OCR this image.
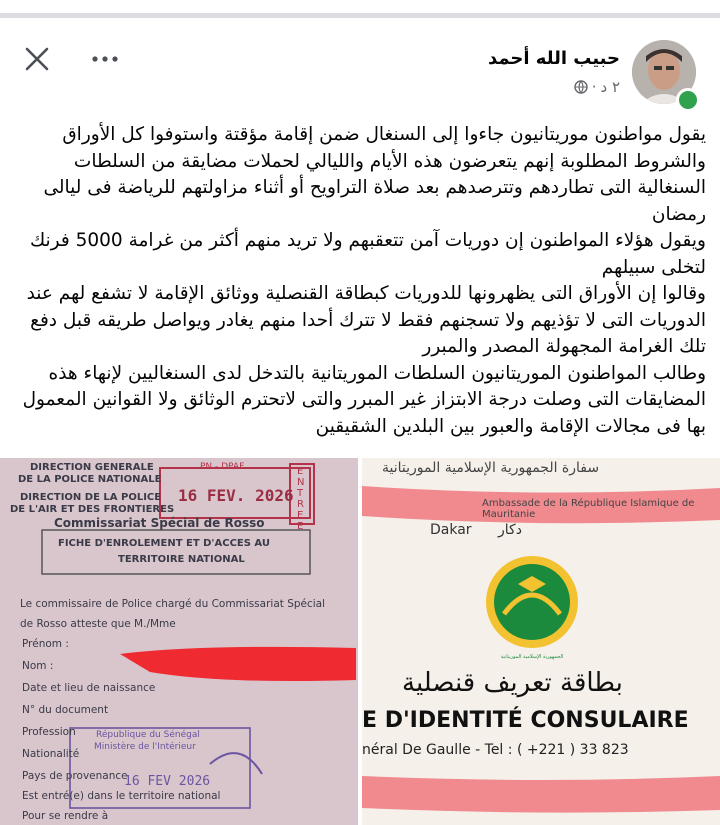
حبيب الله أحمد
٢ د
·

يقول مواطنون موريتانيون جاءوا إلى السنغال ضمن إقامة مؤقتة واستوفوا كل الأوراق والشروط المطلوبة إنهم يتعرضون هذه الأيام والليالي لحملات مضايقة من السلطات السنغالية التى تطاردهم وتترصدهم بعد صلاة التراويح أو أثناء مزاولتهم للرياضة فى ليالى رمضان

ويقول هؤلاء المواطنون إن دوريات آمن تتعقبهم ولا تريد منهم أكثر من غرامة 5000 فرنك لتخلى سبيلهم

وقالوا إن الأوراق التى يظهرونها للدوريات كبطاقة القنصلية ووثائق الإقامة لا تشفع لهم عند الدوريات التى لا تؤذيهم ولا تسجنهم فقط لا تترك أحدا منهم يغادر ويواصل طريقه قبل دفع تلك الغرامة المجهولة المصدر والمبرر

وطالب المواطنون الموريتانيون السلطات الموريتانية بالتدخل لدى السنغاليين لإنهاء هذه المضايقات التى وصلت درجة الابتزاز غير المبرر والتى لاتحترم الوثائق ولا القوانين المعمول بها فى مجالات الإقامة والعبور بين البلدين الشقيقين

DIRECTION GENERALE
DE LA POLICE NATIONALE
DIRECTION DE LA POLICE
DE L'AIR ET DES FRONTIERES
PN - DPAF
16 FEV. 2026
ENTREE
Commissariat Spécial de Rosso
FICHE D'ENROLEMENT ET D'ACCES AU
TERRITOIRE NATIONAL
Le commissaire de Police chargé du Commissariat Spécial
de Rosso atteste que M./Mme
Prénom :
Nom :
Date et lieu de naissance
N° du document
Profession
Nationalité
Pays de provenance
Est entré(e) dans le territoire national
Pour se rendre à
République du Sénégal
Ministère de l'Intérieur
16 FEV 2026
سفارة الجمهورية الإسلامية الموريتانية
Ambassade de la République Islamique de Mauritanie
Dakar دكار
الجمهورية الإسلامية الموريتانية
بطاقة تعريف قنصلية
E D'IDENTITÉ CONSULAIRE
néral De Gaulle - Tel : ( +221 ) 33 823
